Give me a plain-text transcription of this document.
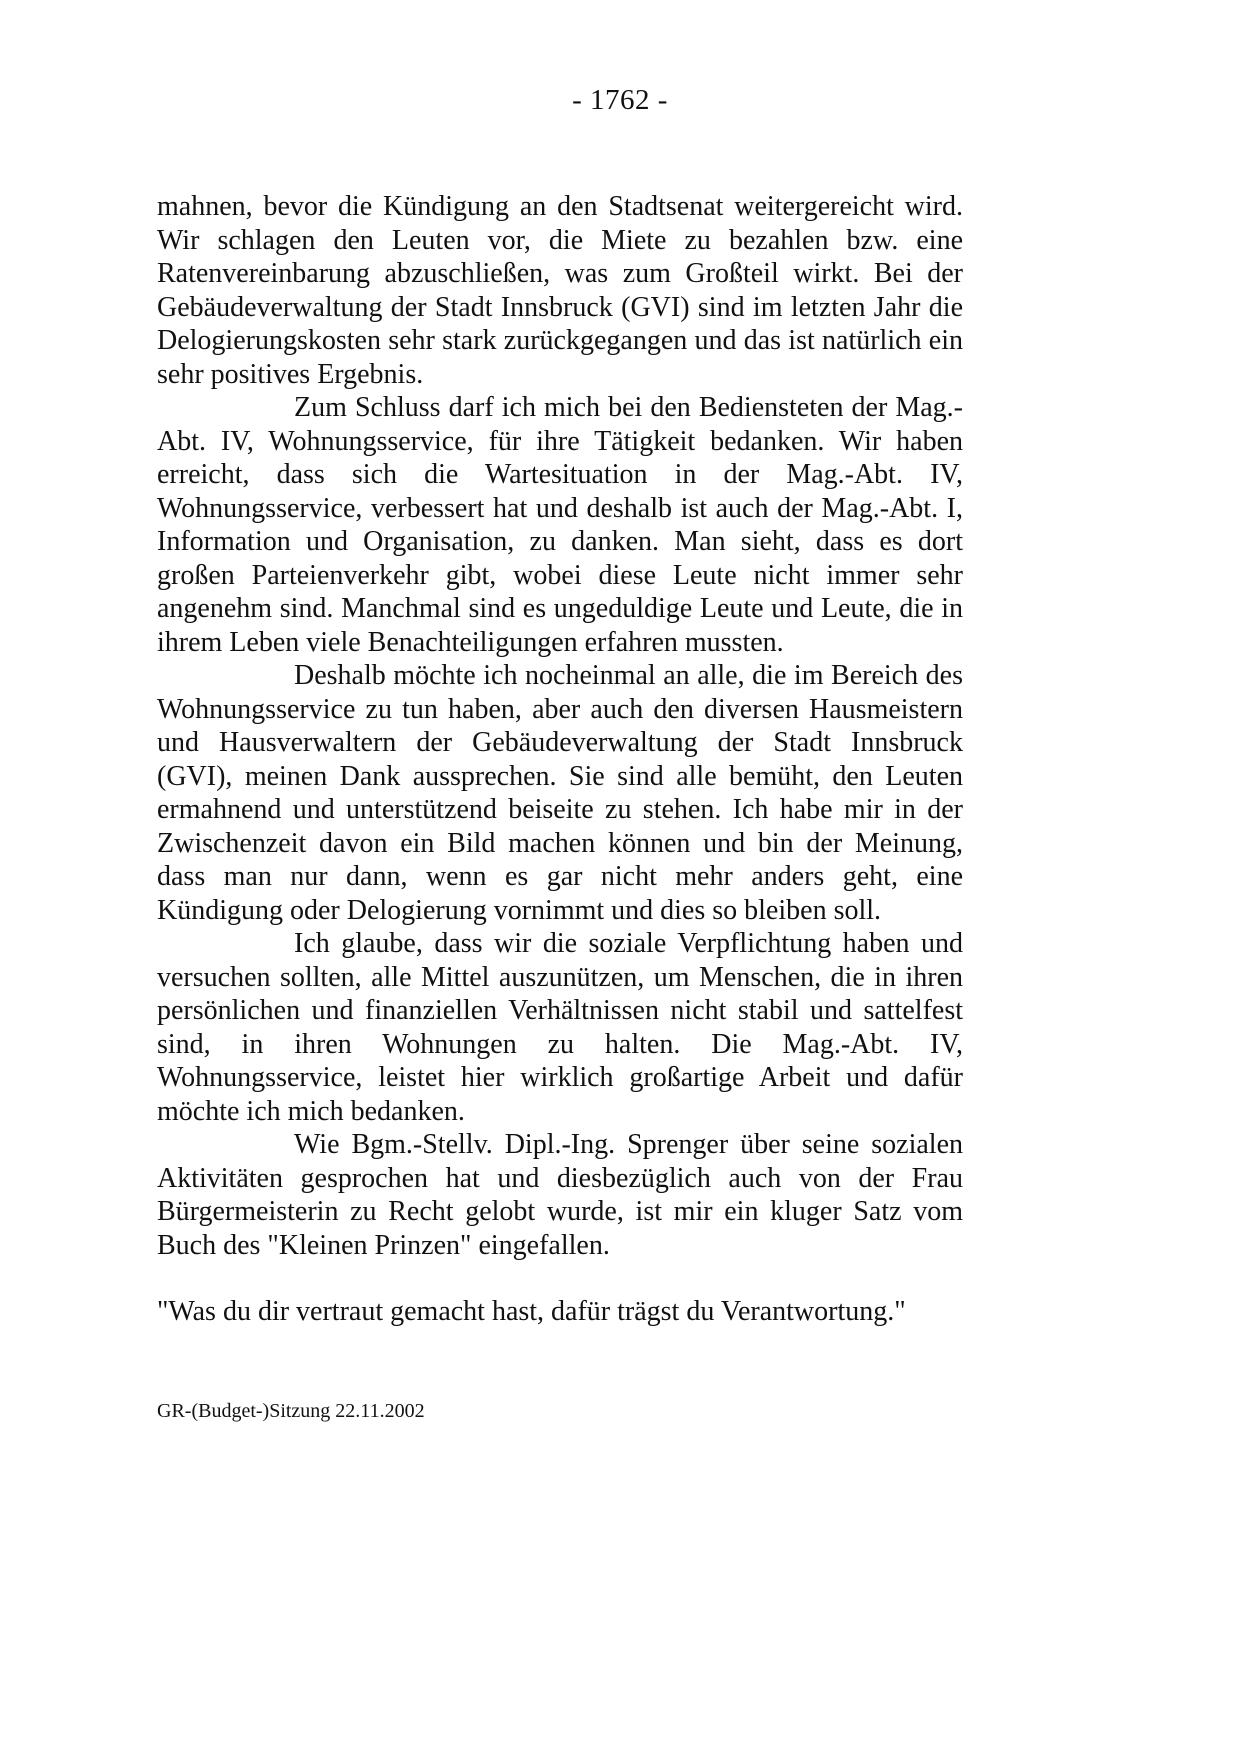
- 1762 -

mahnen, bevor die Kündigung an den Stadtsenat weitergereicht wird. Wir schlagen den Leuten vor, die Miete zu bezahlen bzw. eine Ratenvereinbarung abzuschließen, was zum Großteil wirkt. Bei der Gebäudeverwaltung der Stadt Innsbruck (GVI) sind im letzten Jahr die Delogierungskosten sehr stark zurückgegangen und das ist natürlich ein sehr positives Ergebnis.

Zum Schluss darf ich mich bei den Bediensteten der Mag.-Abt. IV, Wohnungsservice, für ihre Tätigkeit bedanken. Wir haben erreicht, dass sich die Wartesituation in der Mag.-Abt. IV, Wohnungsservice, verbessert hat und deshalb ist auch der Mag.-Abt. I, Information und Organisation, zu danken. Man sieht, dass es dort großen Parteienverkehr gibt, wobei diese Leute nicht immer sehr angenehm sind. Manchmal sind es ungeduldige Leute und Leute, die in ihrem Leben viele Benachteiligungen erfahren mussten.

Deshalb möchte ich nocheinmal an alle, die im Bereich des Wohnungsservice zu tun haben, aber auch den diversen Hausmeistern und Hausverwaltern der Gebäudeverwaltung der Stadt Innsbruck (GVI), meinen Dank aussprechen. Sie sind alle bemüht, den Leuten ermahnend und unterstützend beiseite zu stehen. Ich habe mir in der Zwischenzeit davon ein Bild machen können und bin der Meinung, dass man nur dann, wenn es gar nicht mehr anders geht, eine Kündigung oder Delogierung vornimmt und dies so bleiben soll.

Ich glaube, dass wir die soziale Verpflichtung haben und versuchen sollten, alle Mittel auszunützen, um Menschen, die in ihren persönlichen und finanziellen Verhältnissen nicht stabil und sattelfest sind, in ihren Wohnungen zu halten. Die Mag.-Abt. IV, Wohnungsservice, leistet hier wirklich großartige Arbeit und dafür möchte ich mich bedanken.

Wie Bgm.-Stellv. Dipl.-Ing. Sprenger über seine sozialen Aktivitäten gesprochen hat und diesbezüglich auch von der Frau Bürgermeisterin zu Recht gelobt wurde, ist mir ein kluger Satz vom Buch des "Kleinen Prinzen" eingefallen.

"Was du dir vertraut gemacht hast, dafür trägst du Verantwortung."

GR-(Budget-)Sitzung 22.11.2002
